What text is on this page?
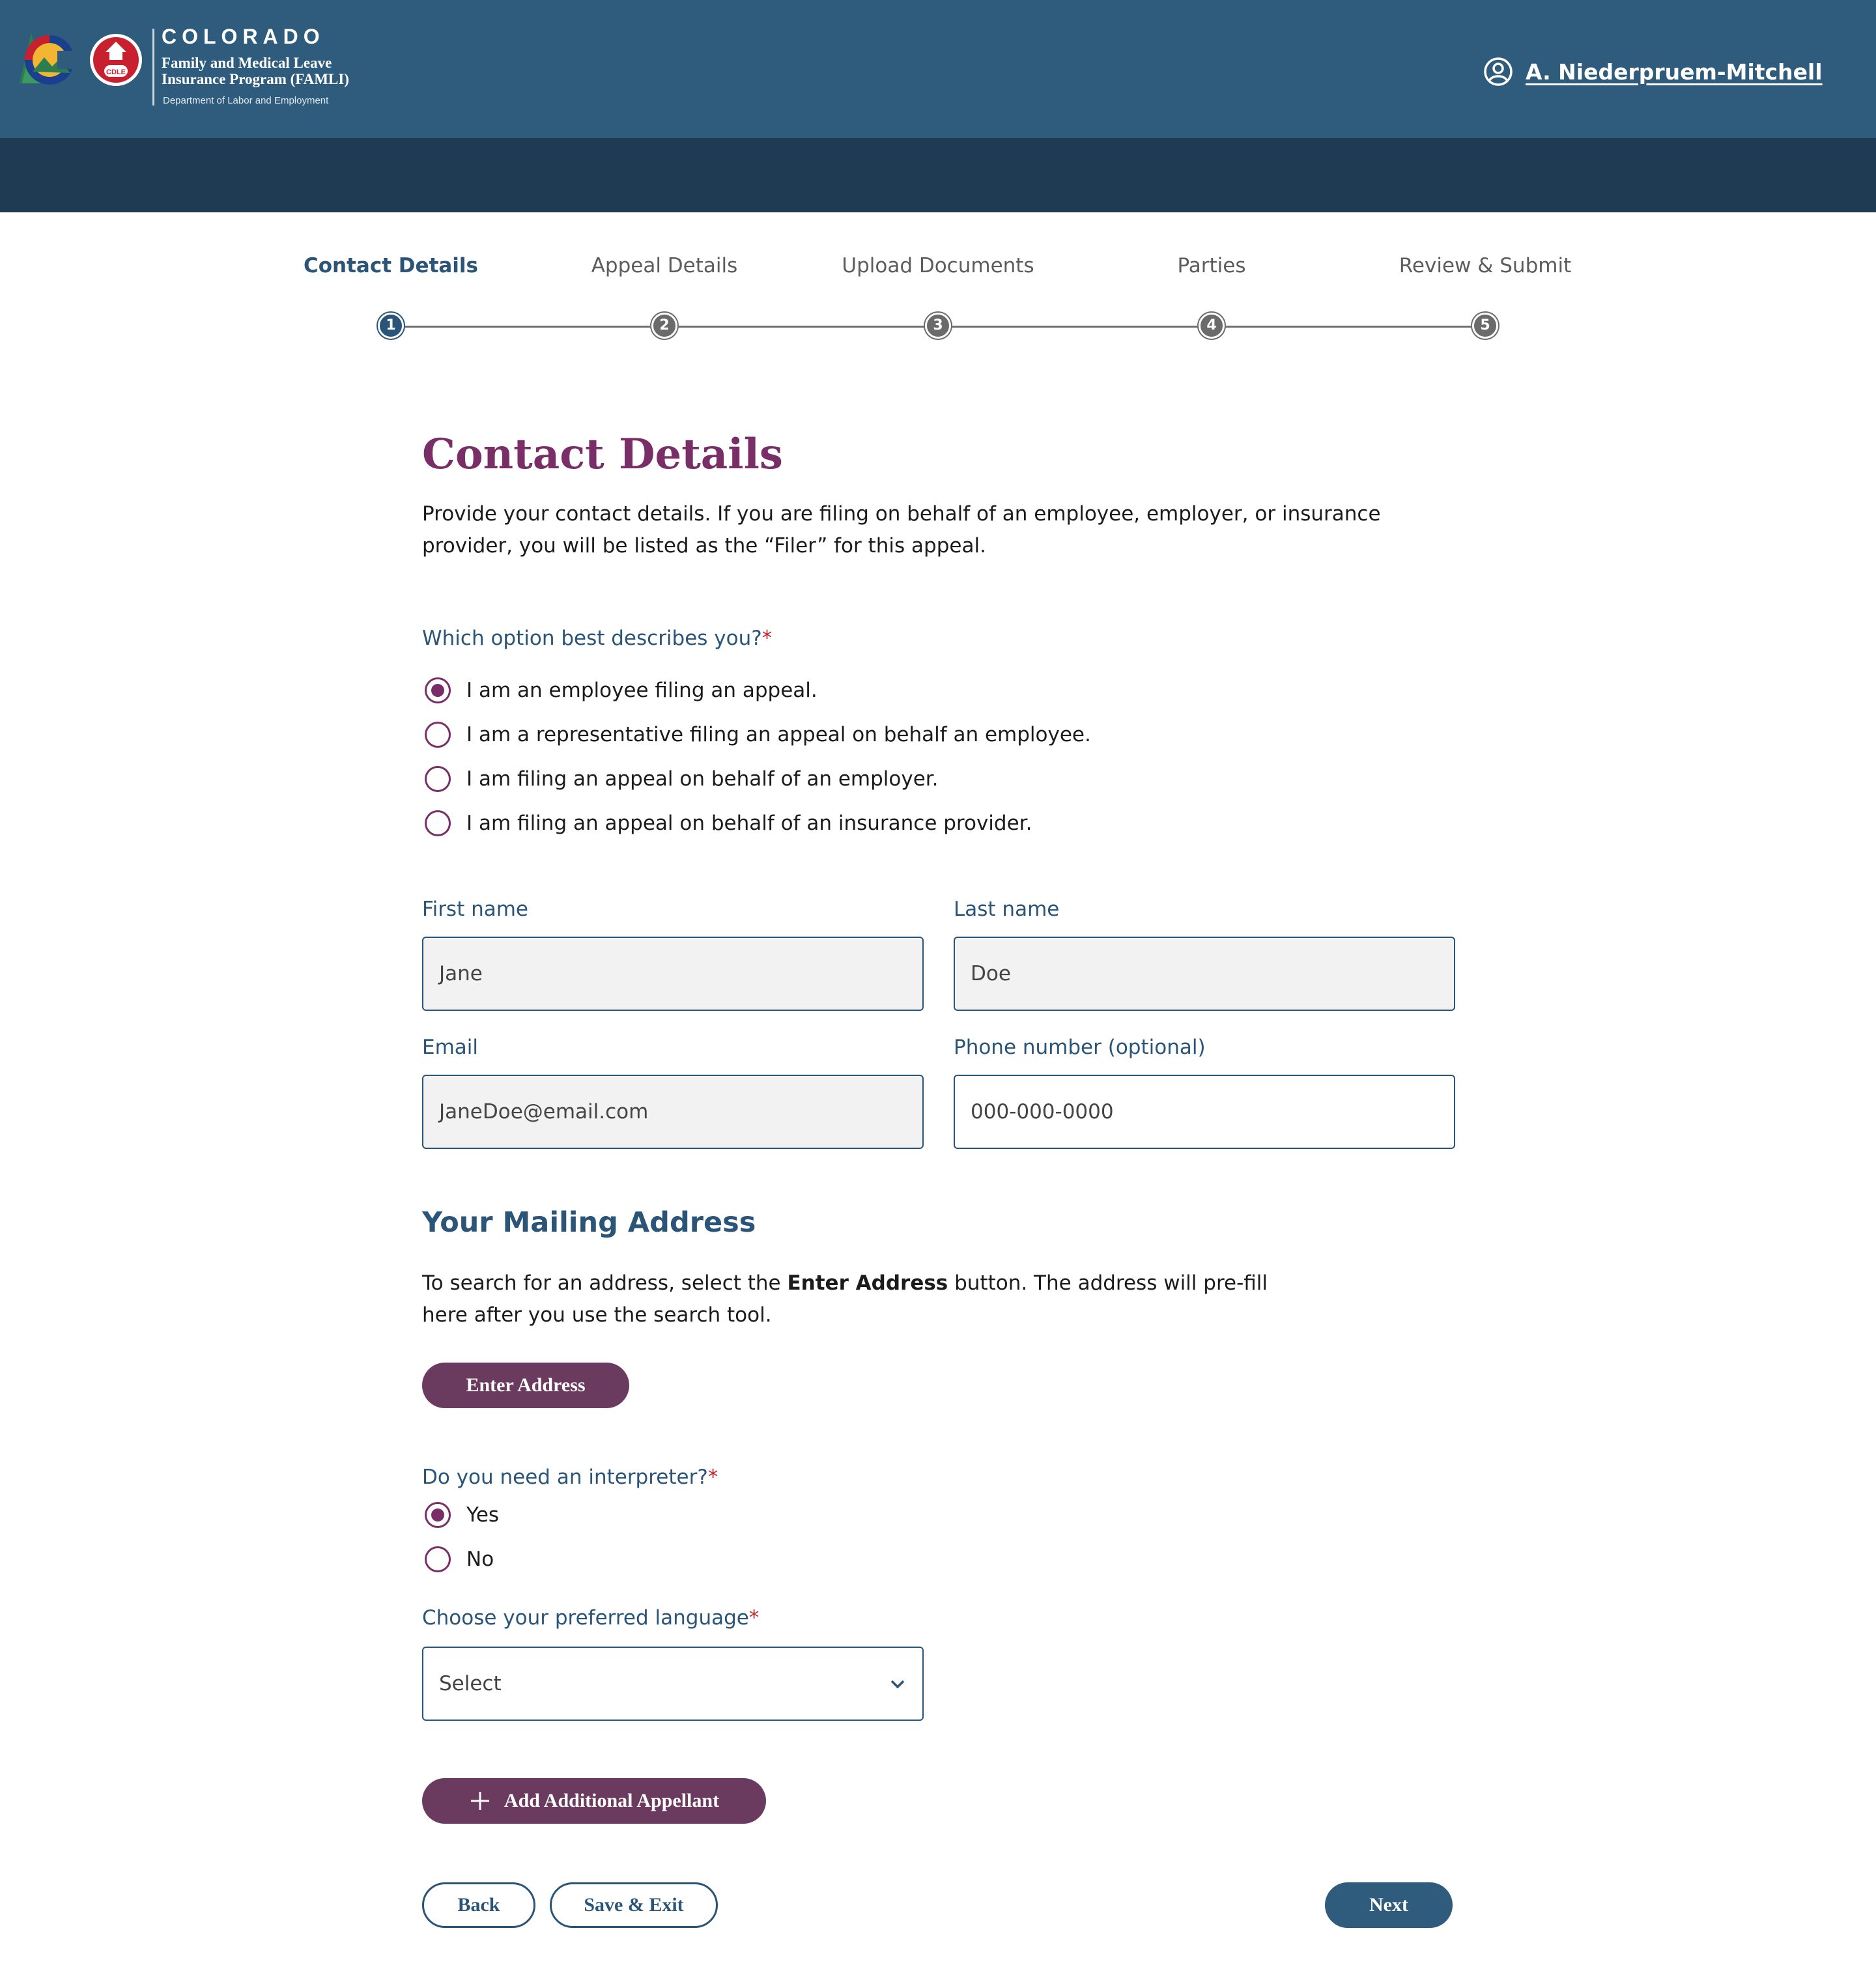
CDLE
COLORADO
Family and Medical Leave
Insurance Program (FAMLI)
Department of Labor and Employment
A. Niederpruem-Mitchell
Contact Details
1
Appeal Details
2
Upload Documents
3
Parties
4
Review & Submit
5
Contact Details

Provide your contact details. If you are filing on behalf of an employee, employer, or insurance provider, you will be listed as the “Filer” for this appeal.

Which option best describes you?*
I am an employee filing an appeal.
I am a representative filing an appeal on behalf an employee.
I am filing an appeal on behalf of an employer.
I am filing an appeal on behalf of an insurance provider.
First name
Jane
Last name
Doe
Email
JaneDoe@email.com
Phone number (optional)
000-000-0000
Your Mailing Address
To search for an address, select the Enter Address button. The address will pre-fill here after you use the search tool.
Enter Address
Do you need an interpreter?*
Yes
No
Choose your preferred language*
Select
Add Additional Appellant
Back	Save & Exit	Next
